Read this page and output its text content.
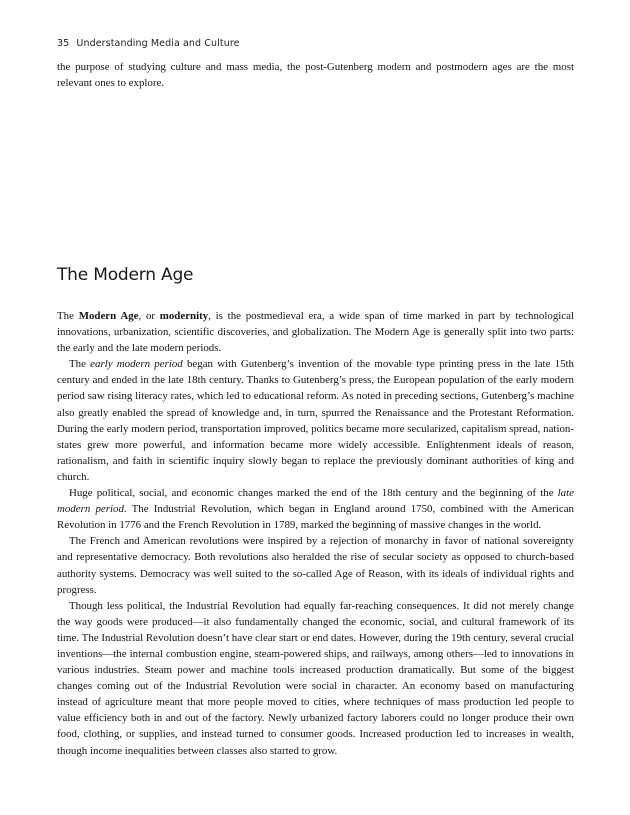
35 Understanding Media and Culture
the purpose of studying culture and mass media, the post-Gutenberg modern and postmodern ages are the most relevant ones to explore.
The Modern Age

The Modern Age, or modernity, is the postmedieval era, a wide span of time marked in part by technological innovations, urbanization, scientific discoveries, and globalization. The Modern Age is generally split into two parts: the early and the late modern periods.

The early modern period began with Gutenberg’s invention of the movable type printing press in the late 15th century and ended in the late 18th century. Thanks to Gutenberg’s press, the European population of the early modern period saw rising literacy rates, which led to educational reform. As noted in preceding sections, Gutenberg’s machine also greatly enabled the spread of knowledge and, in turn, spurred the Renaissance and the Protestant Reformation. During the early modern period, transportation improved, politics became more secularized, capitalism spread, nation-states grew more powerful, and information became more widely accessible. Enlightenment ideals of reason, rationalism, and faith in scientific inquiry slowly began to replace the previously dominant authorities of king and church.

Huge political, social, and economic changes marked the end of the 18th century and the beginning of the late modern period. The Industrial Revolution, which began in England around 1750, combined with the American Revolution in 1776 and the French Revolution in 1789, marked the beginning of massive changes in the world.

The French and American revolutions were inspired by a rejection of monarchy in favor of national sovereignty and representative democracy. Both revolutions also heralded the rise of secular society as opposed to church-based authority systems. Democracy was well suited to the so-called Age of Reason, with its ideals of individual rights and progress.

Though less political, the Industrial Revolution had equally far-reaching consequences. It did not merely change the way goods were produced—it also fundamentally changed the economic, social, and cultural framework of its time. The Industrial Revolution doesn’t have clear start or end dates. However, during the 19th century, several crucial inventions—the internal combustion engine, steam-powered ships, and railways, among others—led to innovations in various industries. Steam power and machine tools increased production dramatically. But some of the biggest changes coming out of the Industrial Revolution were social in character. An economy based on manufacturing instead of agriculture meant that more people moved to cities, where techniques of mass production led people to value efficiency both in and out of the factory. Newly urbanized factory laborers could no longer produce their own food, clothing, or supplies, and instead turned to consumer goods. Increased production led to increases in wealth, though income inequalities between classes also started to grow.
